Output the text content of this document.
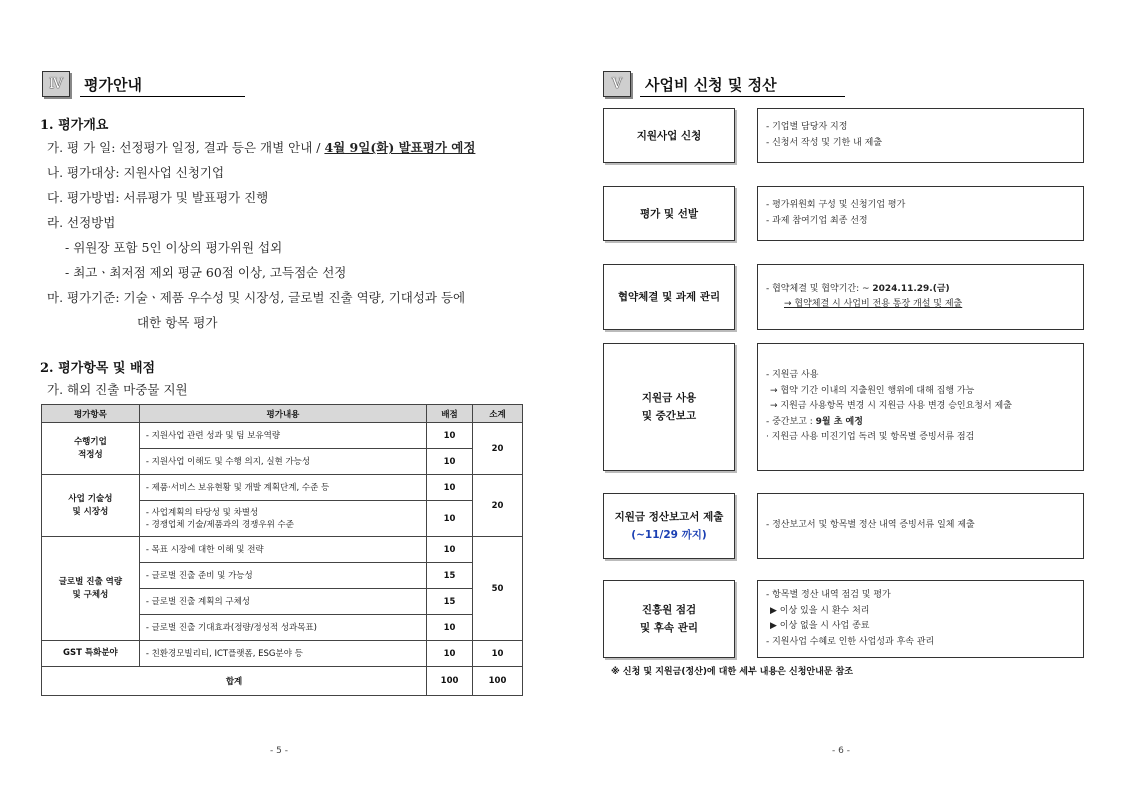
Ⅳ	평가안내
1. 평가개요
가. 평 가 일: 선정평가 일정, 결과 등은 개별 안내 / 4월 9일(화) 발표평가 예정
나. 평가대상: 지원사업 신청기업
다. 평가방법: 서류평가 및 발표평가 진행
라. 선정방법
- 위원장 포함 5인 이상의 평가위원 섭외
- 최고ㆍ최저점 제외 평균 60점 이상, 고득점순 선정
마. 평가기준: 기술ㆍ제품 우수성 및 시장성, 글로벌 진출 역량, 기대성과 등에
대한 항목 평가
2. 평가항목 및 배점
가. 해외 진출 마중물 지원
평가항목	평가내용	배점	소계
수행기업
적정성	- 지원사업 관련 성과 및 팀 보유역량	10	20
	- 지원사업 이해도 및 수행 의지, 실현 가능성	10	
사업 기술성
및 시장성	- 제품·서비스 보유현황 및 개발 계획단계, 수준 등	10	20
	- 사업계획의 타당성 및 차별성
- 경쟁업체 기술/제품과의 경쟁우위 수준	10	
글로벌 진출 역량
및 구체성	- 목표 시장에 대한 이해 및 전략	10	50
	- 글로벌 진출 준비 및 가능성	15	
	- 글로벌 진출 계획의 구체성	15	
	- 글로벌 진출 기대효과(정량/정성적 성과목표)	10	
GST 특화분야	- 친환경모빌리티, ICT플랫폼, ESG분야 등	10	10
합계		100	100
- 5 -
Ⅴ	사업비 신청 및 정산
지원사업 신청
- 기업별 담당자 지정
- 신청서 작성 및 기한 내 제출
평가 및 선발
- 평가위원회 구성 및 신청기업 평가
- 과제 참여기업 최종 선정
협약체결 및 과제 관리
- 협약체결 및 협약기간: ~ 2024.11.29.(금)
→ 협약체결 시 사업비 전용 통장 개설 및 제출
지원금 사용
및 중간보고
- 지원금 사용
→ 협약 기간 이내의 지출원인 행위에 대해 집행 가능
→ 지원금 사용항목 변경 시 지원금 사용 변경 승인요청서 제출
- 중간보고 : 9월 초 예정
· 지원금 사용 미진기업 독려 및 항목별 증빙서류 점검
지원금 정산보고서 제출
(~11/29 까지)
- 정산보고서 및 항목별 정산 내역 증빙서류 일체 제출
진흥원 점검
및 후속 관리
- 항목별 정산 내역 점검 및 평가
▶ 이상 있을 시 환수 처리
▶ 이상 없을 시 사업 종료
- 지원사업 수혜로 인한 사업성과 후속 관리
※ 신청 및 지원금(정산)에 대한 세부 내용은 신청안내문 참조
- 6 -
